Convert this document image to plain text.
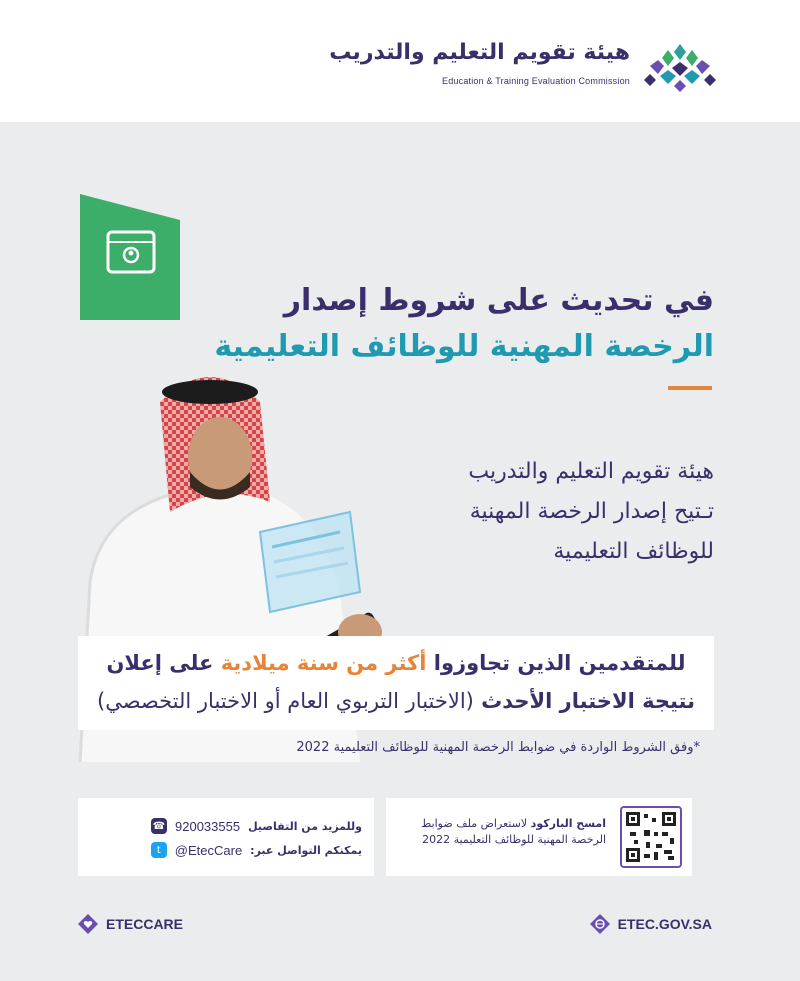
هيئة تقويم التعليم والتدريب
Education & Training Evaluation Commission
في تحديث على شروط إصدار
الرخصة المهنية للوظائف التعليمية
هيئة تقويم التعليم والتدريب
تـتيح إصدار الرخصة المهنية
للوظائف التعليمية
للمتقدمين الذين تجاوزوا أكثر من سنة ميلادية على إعلان
نتيجة الاختبار الأحدث (الاختبار التربوي العام أو الاختبار التخصصي)
*وفق الشروط الواردة في ضوابط الرخصة المهنية للوظائف التعليمية 2022
وللمزيد من التفاصيل
920033555
☎
يمكنكم التواصل عبر:
@EtecCare
t
امسح الباركود لاستعراض ملف ضوابط
الرخصة المهنية للوظائف التعليمية 2022
ETECCARE	ETEC.GOV.SA
